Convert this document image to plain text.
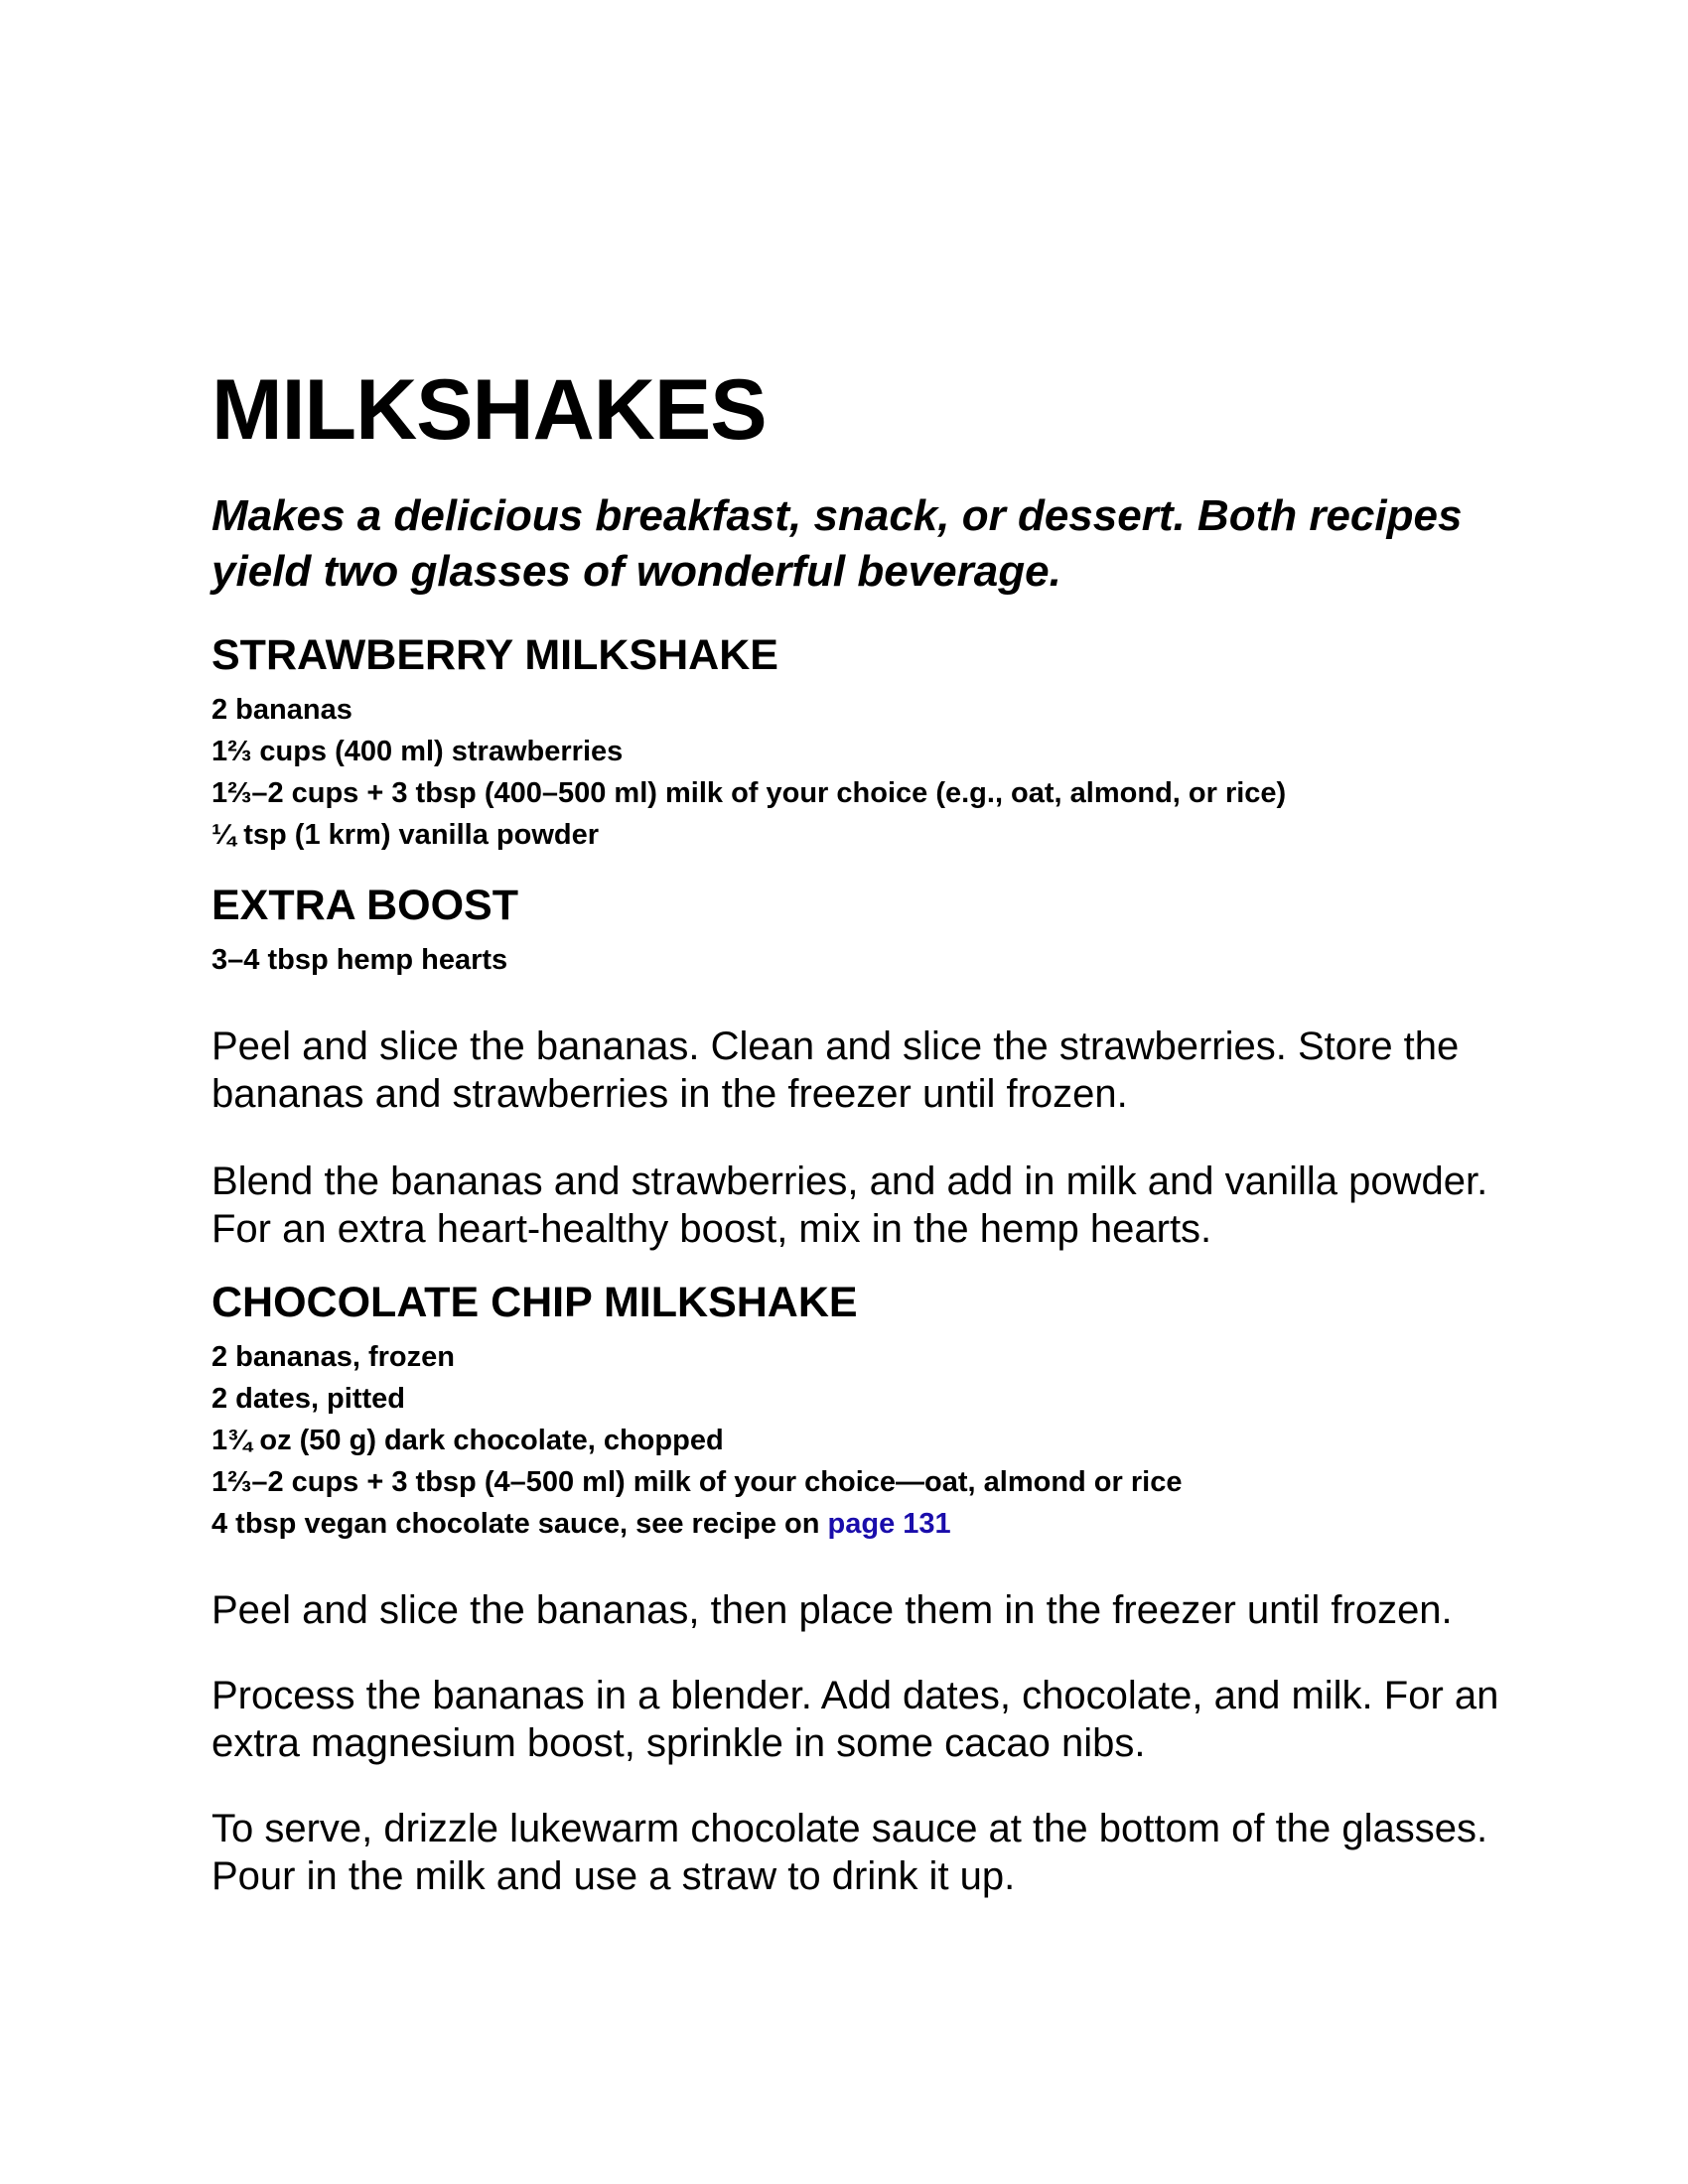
MILKSHAKES

Makes a delicious breakfast, snack, or dessert. Both recipes yield two glasses of wonderful beverage.

STRAWBERRY MILKSHAKE
2 bananas
1⅔ cups (400 ml) strawberries
1⅔–2 cups + 3 tbsp (400–500 ml) milk of your choice (e.g., oat, almond, or rice)
¼ tsp (1 krm) vanilla powder
EXTRA BOOST
3–4 tbsp hemp hearts

Peel and slice the bananas. Clean and slice the strawberries. Store the bananas and strawberries in the freezer until frozen.

Blend the bananas and strawberries, and add in milk and vanilla powder. For an extra heart-healthy boost, mix in the hemp hearts.

CHOCOLATE CHIP MILKSHAKE
2 bananas, frozen
2 dates, pitted
1¾ oz (50 g) dark chocolate, chopped
1⅔–2 cups + 3 tbsp (4–500 ml) milk of your choice—oat, almond or rice
4 tbsp vegan chocolate sauce, see recipe on page 131

Peel and slice the bananas, then place them in the freezer until frozen.

Process the bananas in a blender. Add dates, chocolate, and milk. For an extra magnesium boost, sprinkle in some cacao nibs.

To serve, drizzle lukewarm chocolate sauce at the bottom of the glasses. Pour in the milk and use a straw to drink it up.
